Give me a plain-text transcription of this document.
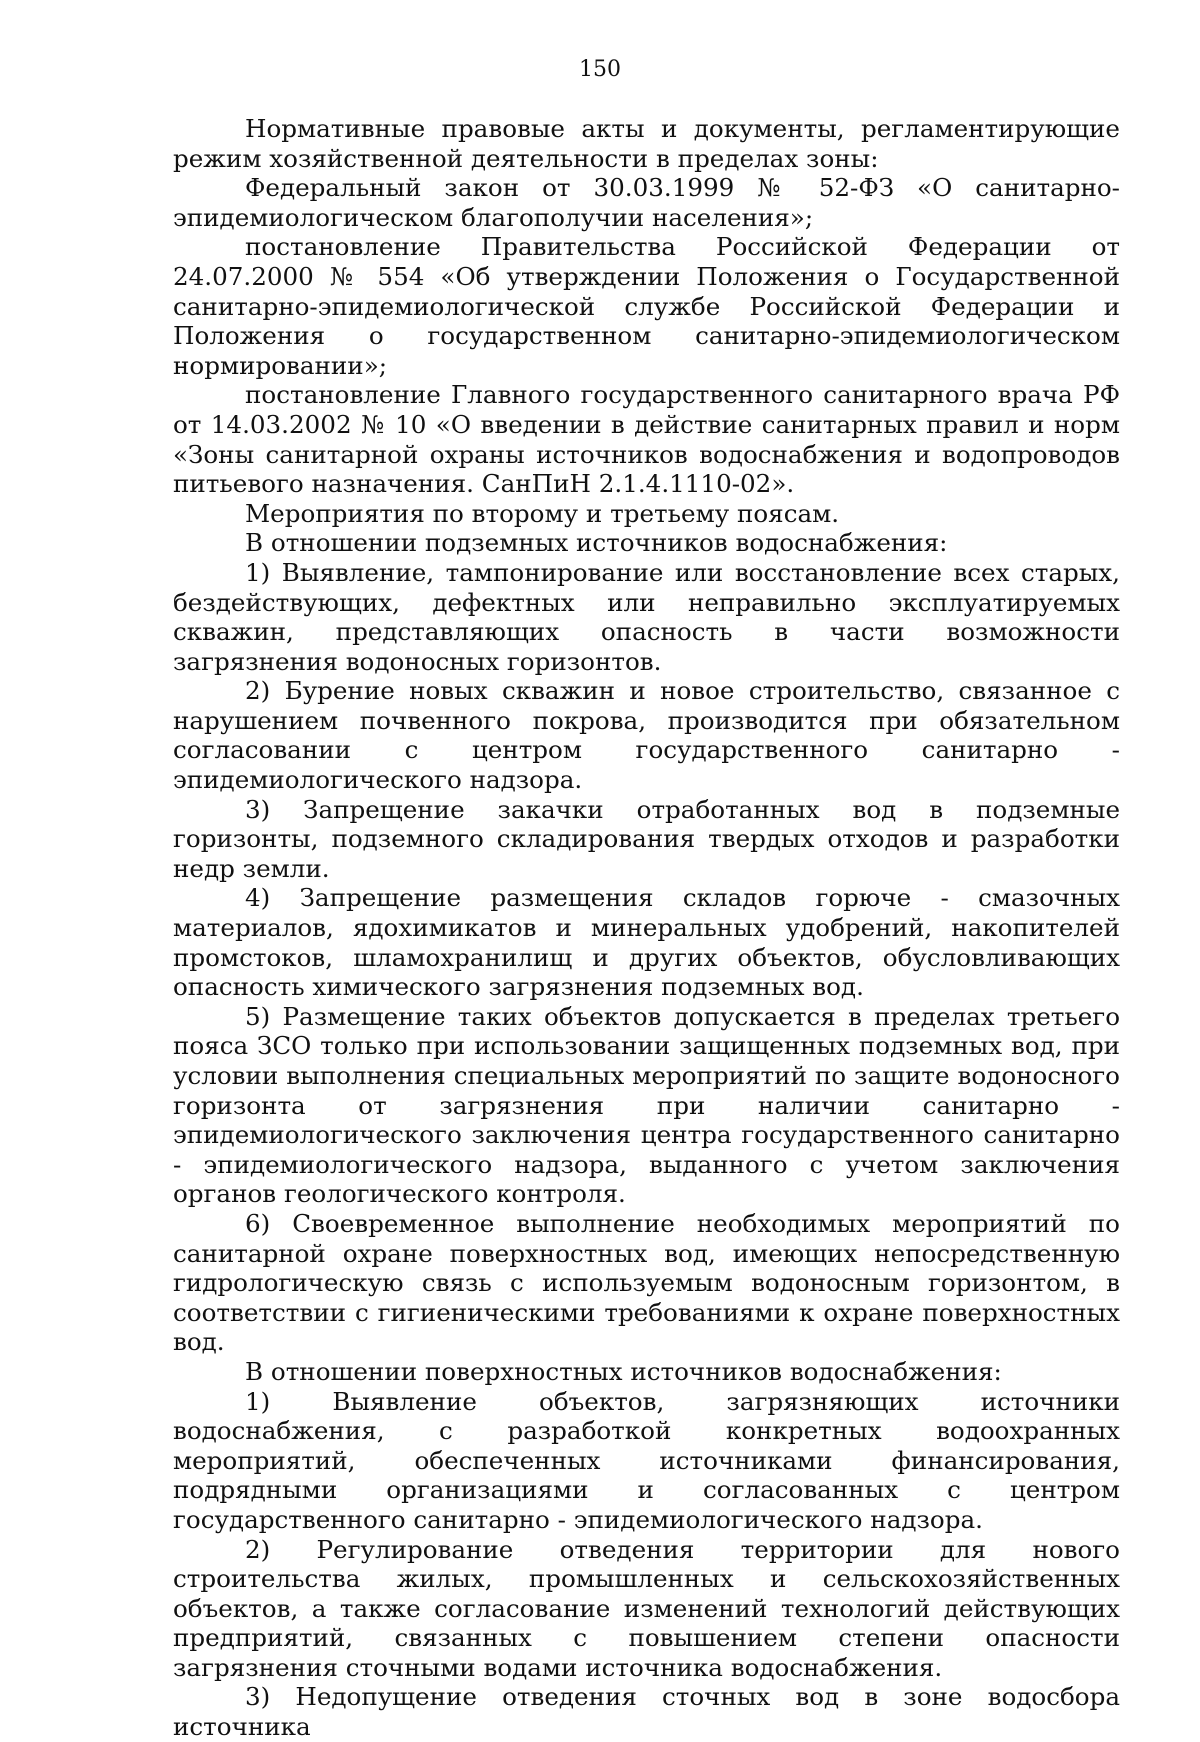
150

Нормативные правовые акты и документы, регламентирующие режим хозяйственной деятельности в пределах зоны:

Федеральный закон от 30.03.1999 № 52-ФЗ «О санитарно-эпидемиологическом благополучии населения»;

постановление Правительства Российской Федерации от 24.07.2000 № 554 «Об утверждении Положения о Государственной санитарно-эпидемиологической службе Российской Федерации и Положения о государственном санитарно-эпидемиологическом нормировании»;

постановление Главного государственного санитарного врача РФ от 14.03.2002 № 10 «О введении в действие санитарных правил и норм «Зоны санитарной охраны источников водоснабжения и водопроводов питьевого назначения. СанПиН 2.1.4.1110-02».

Мероприятия по второму и третьему поясам.

В отношении подземных источников водоснабжения:

1) Выявление, тампонирование или восстановление всех старых, бездействующих, дефектных или неправильно эксплуатируемых скважин, представляющих опасность в части возможности загрязнения водоносных горизонтов.

2) Бурение новых скважин и новое строительство, связанное с нарушением почвенного покрова, производится при обязательном согласовании с центром государственного санитарно - эпидемиологического надзора.

3) Запрещение закачки отработанных вод в подземные горизонты, подземного складирования твердых отходов и разработки недр земли.

4) Запрещение размещения складов горюче - смазочных материалов, ядохимикатов и минеральных удобрений, накопителей промстоков, шламохранилищ и других объектов, обусловливающих опасность химического загрязнения подземных вод.

5) Размещение таких объектов допускается в пределах третьего пояса ЗСО только при использовании защищенных подземных вод, при условии выполнения специальных мероприятий по защите водоносного горизонта от загрязнения при наличии санитарно - эпидемиологического заключения центра государственного санитарно - эпидемиологического надзора, выданного с учетом заключения органов геологического контроля.

6) Своевременное выполнение необходимых мероприятий по санитарной охране поверхностных вод, имеющих непосредственную гидрологическую связь с используемым водоносным горизонтом, в соответствии с гигиеническими требованиями к охране поверхностных вод.

В отношении поверхностных источников водоснабжения:

1) Выявление объектов, загрязняющих источники водоснабжения, с разработкой конкретных водоохранных мероприятий, обеспеченных источниками финансирования, подрядными организациями и согласованных с центром государственного санитарно - эпидемиологического надзора.

2) Регулирование отведения территории для нового строительства жилых, промышленных и сельскохозяйственных объектов, а также согласование изменений технологий действующих предприятий, связанных с повышением степени опасности загрязнения сточными водами источника водоснабжения.

3) Недопущение отведения сточных вод в зоне водосбора источника
